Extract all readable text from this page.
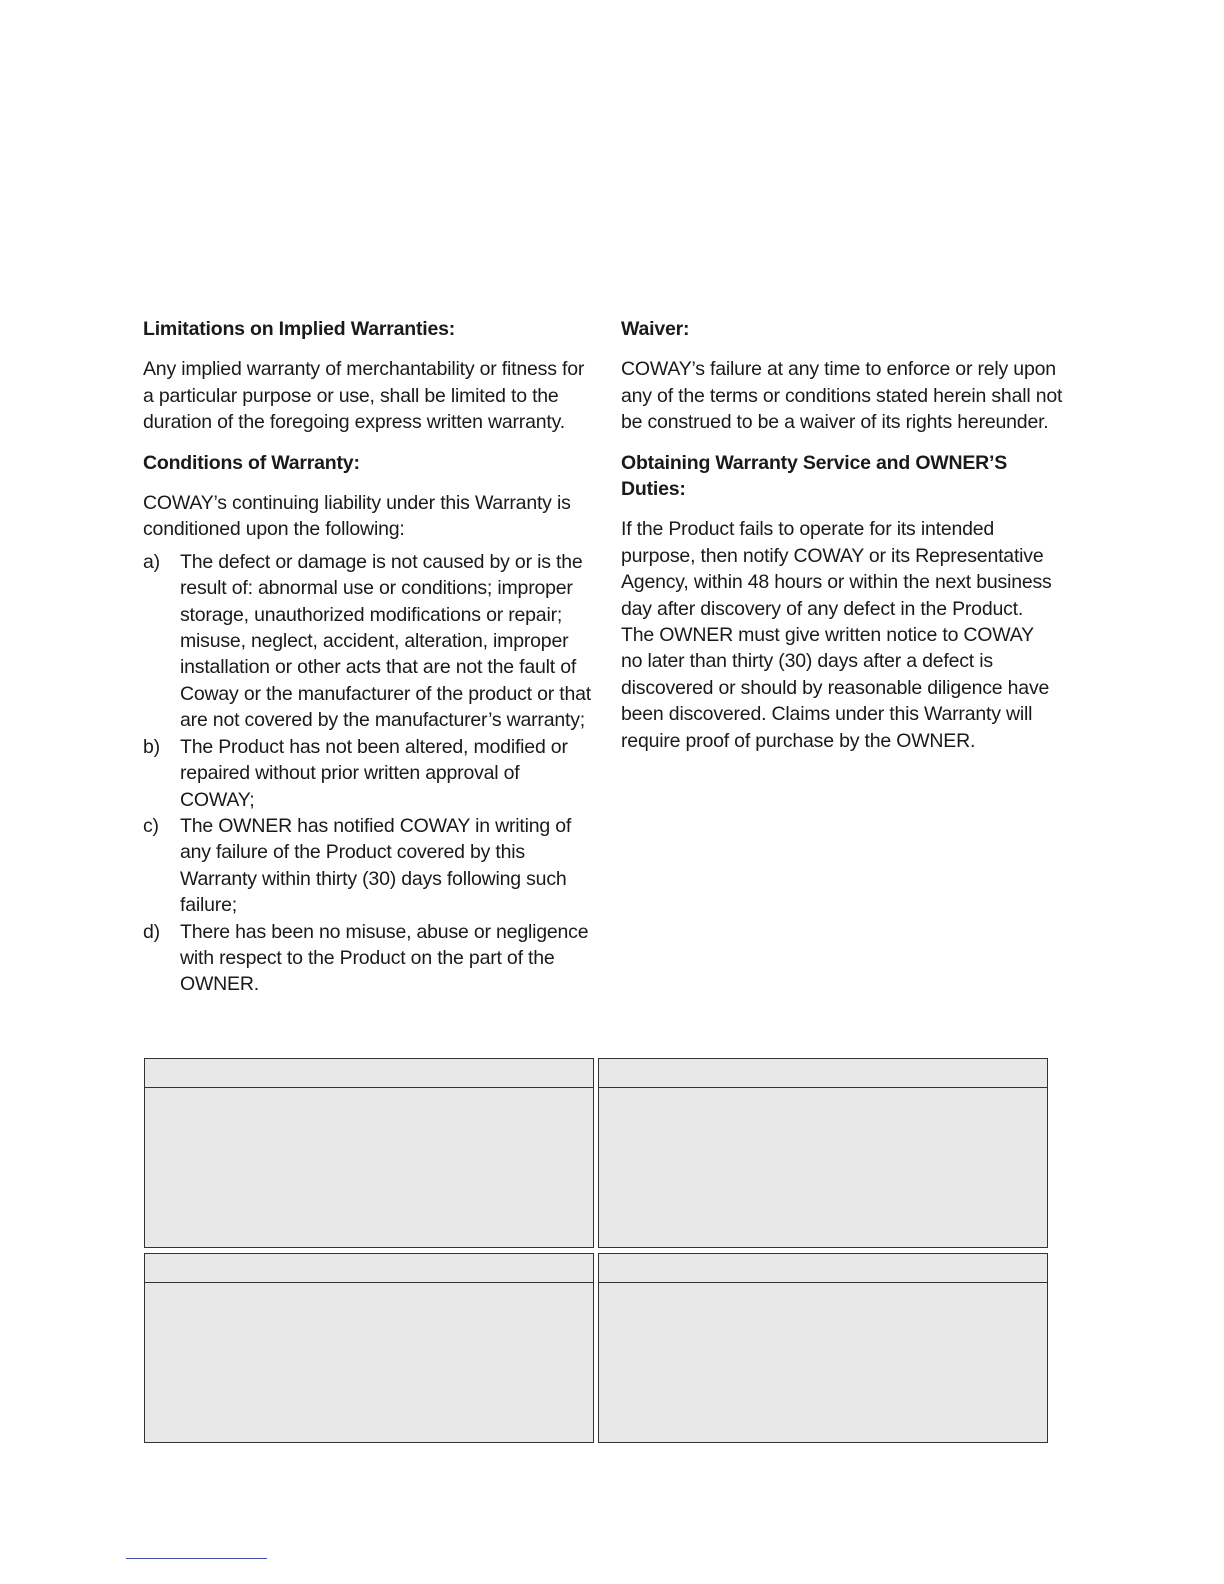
Limitations on Implied Warranties:
Any implied warranty of merchantability or fitness for a particular purpose or use, shall be limited to the duration of the foregoing express written warranty.
Conditions of Warranty:
COWAY’s continuing liability under this Warranty is conditioned upon the following:
a) The defect or damage is not caused by or is the result of: abnormal use or conditions; improper storage, unauthorized modifications or repair; misuse, neglect, accident, alteration, improper installation or other acts that are not the fault of Coway or the manufacturer of the product or that are not covered by the manufacturer’s warranty;
b) The Product has not been altered, modified or repaired without prior written approval of COWAY;
c) The OWNER has notified COWAY in writing of any failure of the Product covered by this Warranty within thirty (30) days following such failure;
d) There has been no misuse, abuse or negligence with respect to the Product on the part of the OWNER.
Waiver:
COWAY’s failure at any time to enforce or rely upon any of the terms or conditions stated herein shall not be construed to be a waiver of its rights hereunder.
Obtaining Warranty Service and OWNER’S Duties:
If the Product fails to operate for its intended purpose, then notify COWAY or its Representative Agency, within 48 hours or within the next business day after discovery of any defect in the Product. The OWNER must give written notice to COWAY no later than thirty (30) days after a defect is discovered or should by reasonable diligence have been discovered. Claims under this Warranty will require proof of purchase by the OWNER.
